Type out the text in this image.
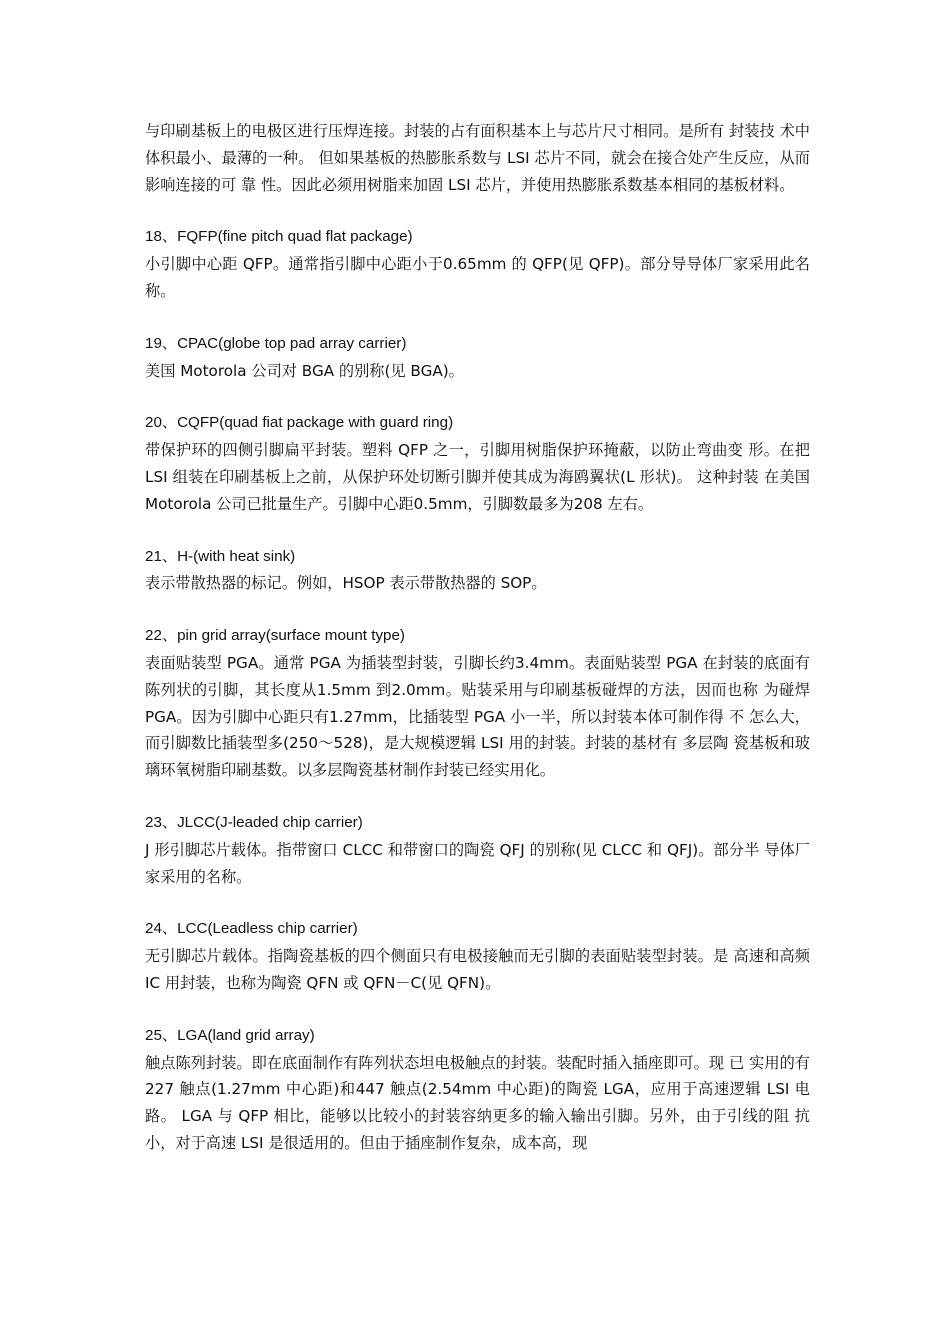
与印刷基板上的电极区进行压焊连接。封装的占有面积基本上与芯片尺寸相同。是所有 封装技 术中体积最小、最薄的一种。 但如果基板的热膨胀系数与 LSI 芯片不同，就会在接合处产生反应，从而影响连接的可 靠 性。因此必须用树脂来加固 LSI 芯片，并使用热膨胀系数基本相同的基板材料。

18、FQFP(fine pitch quad flat package)

小引脚中心距 QFP。通常指引脚中心距小于0.65mm 的 QFP(见 QFP)。部分导导体厂家采用此名称。

19、CPAC(globe top pad array carrier)

美国 Motorola 公司对 BGA 的别称(见 BGA)。

20、CQFP(quad fiat package with guard ring)

带保护环的四侧引脚扁平封装。塑料 QFP 之一，引脚用树脂保护环掩蔽，以防止弯曲变 形。在把 LSI 组装在印刷基板上之前，从保护环处切断引脚并使其成为海鸥翼状(L 形状)。 这种封装 在美国 Motorola 公司已批量生产。引脚中心距0.5mm，引脚数最多为208 左右。

21、H-(with heat sink)

表示带散热器的标记。例如，HSOP 表示带散热器的 SOP。

22、pin grid array(surface mount type)

表面贴装型 PGA。通常 PGA 为插装型封装，引脚长约3.4mm。表面贴装型 PGA 在封装的底面有陈列状的引脚，其长度从1.5mm 到2.0mm。贴装采用与印刷基板碰焊的方法，因而也称 为碰焊 PGA。因为引脚中心距只有1.27mm，比插装型 PGA 小一半，所以封装本体可制作得 不 怎么大，而引脚数比插装型多(250～528)，是大规模逻辑 LSI 用的封装。封装的基材有 多层陶 瓷基板和玻璃环氧树脂印刷基数。以多层陶瓷基材制作封装已经实用化。

23、JLCC(J-leaded chip carrier)

J 形引脚芯片载体。指带窗口 CLCC 和带窗口的陶瓷 QFJ 的别称(见 CLCC 和 QFJ)。部分半 导体厂家采用的名称。

24、LCC(Leadless chip carrier)

无引脚芯片载体。指陶瓷基板的四个侧面只有电极接触而无引脚的表面贴装型封装。是 高速和高频 IC 用封装，也称为陶瓷 QFN 或 QFN－C(见 QFN)。

25、LGA(land grid array)

触点陈列封装。即在底面制作有阵列状态坦电极触点的封装。装配时插入插座即可。现 已 实用的有227 触点(1.27mm 中心距)和447 触点(2.54mm 中心距)的陶瓷 LGA，应用于高速逻辑 LSI 电路。 LGA 与 QFP 相比，能够以比较小的封装容纳更多的输入输出引脚。另外，由于引线的阻 抗 小，对于高速 LSI 是很适用的。但由于插座制作复杂，成本高，现
